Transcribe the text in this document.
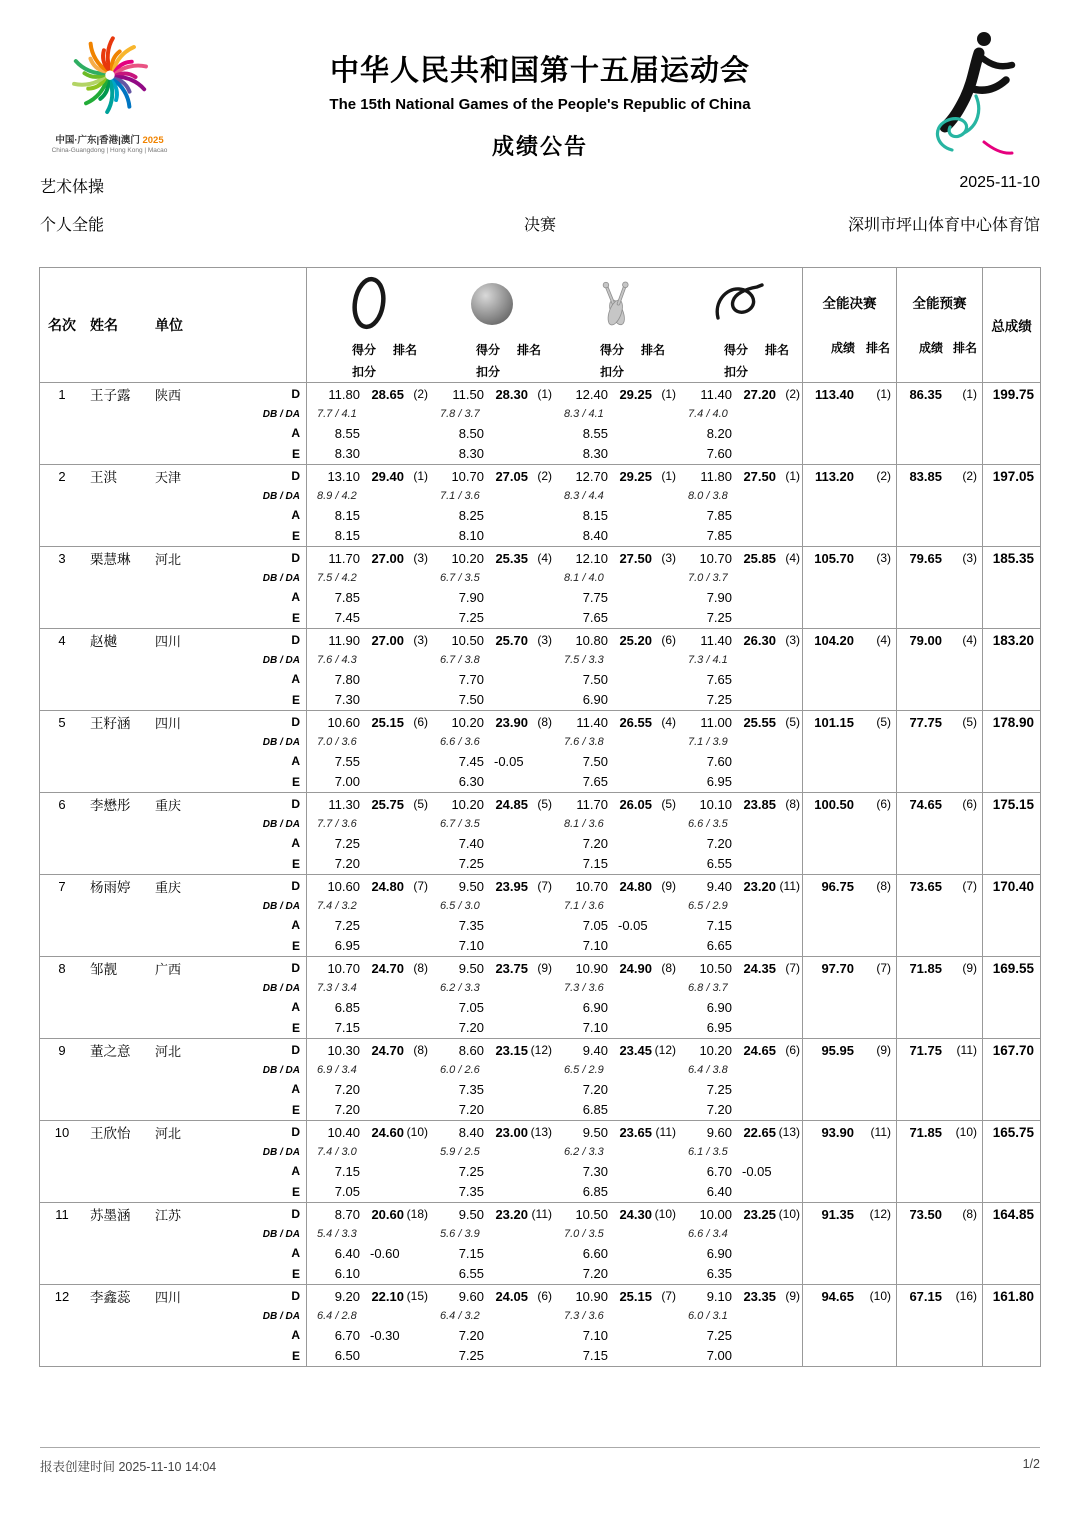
中国·广东|香港|澳门 2025
China-Guangdong | Hong Kong | Macao
中华人民共和国第十五届运动会
The 15th National Games of the People's Republic of China
成绩公告
艺术体操	2025-11-10
个人全能	决赛	深圳市坪山体育中心体育馆
名次	姓名	单位
得分	排名
扣分
得分	排名
扣分
得分	排名
扣分
得分	排名
扣分
全能决赛
成绩 排名
全能预赛
成绩 排名
总成绩
1	王子露	陕西	D	11.80 28.65 (2)	11.50 28.30 (1)	12.40 29.25 (1)	11.40 27.20 (2)	113.40	(1)	86.35	(1)	199.75
DB / DA	7.7 / 4.1	7.8 / 3.7	8.3 / 4.1	7.4 / 4.0
A	8.55	8.50	8.55	8.20
E	8.30	8.30	8.30	7.60
2	王淇	天津	D	13.10 29.40 (1)	10.70 27.05 (2)	12.70 29.25 (1)	11.80 27.50 (1)	113.20	(2)	83.85	(2)	197.05
DB / DA	8.9 / 4.2	7.1 / 3.6	8.3 / 4.4	8.0 / 3.8
A	8.15	8.25	8.15	7.85
E	8.15	8.10	8.40	7.85
3	栗慧琳	河北	D	11.70 27.00 (3)	10.20 25.35 (4)	12.10 27.50 (3)	10.70 25.85 (4)	105.70	(3)	79.65	(3)	185.35
DB / DA	7.5 / 4.2	6.7 / 3.5	8.1 / 4.0	7.0 / 3.7
A	7.85	7.90	7.75	7.90
E	7.45	7.25	7.65	7.25
4	赵樾	四川	D	11.90 27.00 (3)	10.50 25.70 (3)	10.80 25.20 (6)	11.40 26.30 (3)	104.20	(4)	79.00	(4)	183.20
DB / DA	7.6 / 4.3	6.7 / 3.8	7.5 / 3.3	7.3 / 4.1
A	7.80	7.70	7.50	7.65
E	7.30	7.50	6.90	7.25
5	王籽涵	四川	D	10.60 25.15 (6)	10.20 23.90 (8)	11.40 26.55 (4)	11.00 25.55 (5)	101.15	(5)	77.75	(5)	178.90
DB / DA	7.0 / 3.6	6.6 / 3.6	7.6 / 3.8	7.1 / 3.9
A	7.55	7.45 -0.05	7.50	7.60
E	7.00	6.30	7.65	6.95
6	李懋彤	重庆	D	11.30 25.75 (5)	10.20 24.85 (5)	11.70 26.05 (5)	10.10 23.85 (8)	100.50	(6)	74.65	(6)	175.15
DB / DA	7.7 / 3.6	6.7 / 3.5	8.1 / 3.6	6.6 / 3.5
A	7.25	7.40	7.20	7.20
E	7.20	7.25	7.15	6.55
7	杨雨婷	重庆	D	10.60 24.80 (7)	9.50 23.95 (7)	10.70 24.80 (9)	9.40 23.20 (11)	96.75	(8)	73.65	(7)	170.40
DB / DA	7.4 / 3.2	6.5 / 3.0	7.1 / 3.6	6.5 / 2.9
A	7.25	7.35	7.05 -0.05	7.15
E	6.95	7.10	7.10	6.65
8	邹靓	广西	D	10.70 24.70 (8)	9.50 23.75 (9)	10.90 24.90 (8)	10.50 24.35 (7)	97.70	(7)	71.85	(9)	169.55
DB / DA	7.3 / 3.4	6.2 / 3.3	7.3 / 3.6	6.8 / 3.7
A	6.85	7.05	6.90	6.90
E	7.15	7.20	7.10	6.95
9	董之意	河北	D	10.30 24.70 (8)	8.60 23.15 (12)	9.40 23.45 (12)	10.20 24.65 (6)	95.95	(9)	71.75	(11)	167.70
DB / DA	6.9 / 3.4	6.0 / 2.6	6.5 / 2.9	6.4 / 3.8
A	7.20	7.35	7.20	7.25
E	7.20	7.20	6.85	7.20
10	王欣怡	河北	D	10.40 24.60 (10)	8.40 23.00 (13)	9.50 23.65 (11)	9.60 22.65 (13)	93.90	(11)	71.85	(10)	165.75
DB / DA	7.4 / 3.0	5.9 / 2.5	6.2 / 3.3	6.1 / 3.5
A	7.15	7.25	7.30	6.70 -0.05
E	7.05	7.35	6.85	6.40
11	苏墨涵	江苏	D	8.70 20.60 (18)	9.50 23.20 (11)	10.50 24.30 (10)	10.00 23.25 (10)	91.35	(12)	73.50	(8)	164.85
DB / DA	5.4 / 3.3	5.6 / 3.9	7.0 / 3.5	6.6 / 3.4
A	6.40 -0.60	7.15	6.60	6.90
E	6.10	6.55	7.20	6.35
12	李鑫蕊	四川	D	9.20 22.10 (15)	9.60 24.05 (6)	10.90 25.15 (7)	9.10 23.35 (9)	94.65	(10)	67.15	(16)	161.80
DB / DA	6.4 / 2.8	6.4 / 3.2	7.3 / 3.6	6.0 / 3.1
A	6.70 -0.30	7.20	7.10	7.25
E	6.50	7.25	7.15	7.00
报表创建时间 2025-11-10 14:04	1/2
